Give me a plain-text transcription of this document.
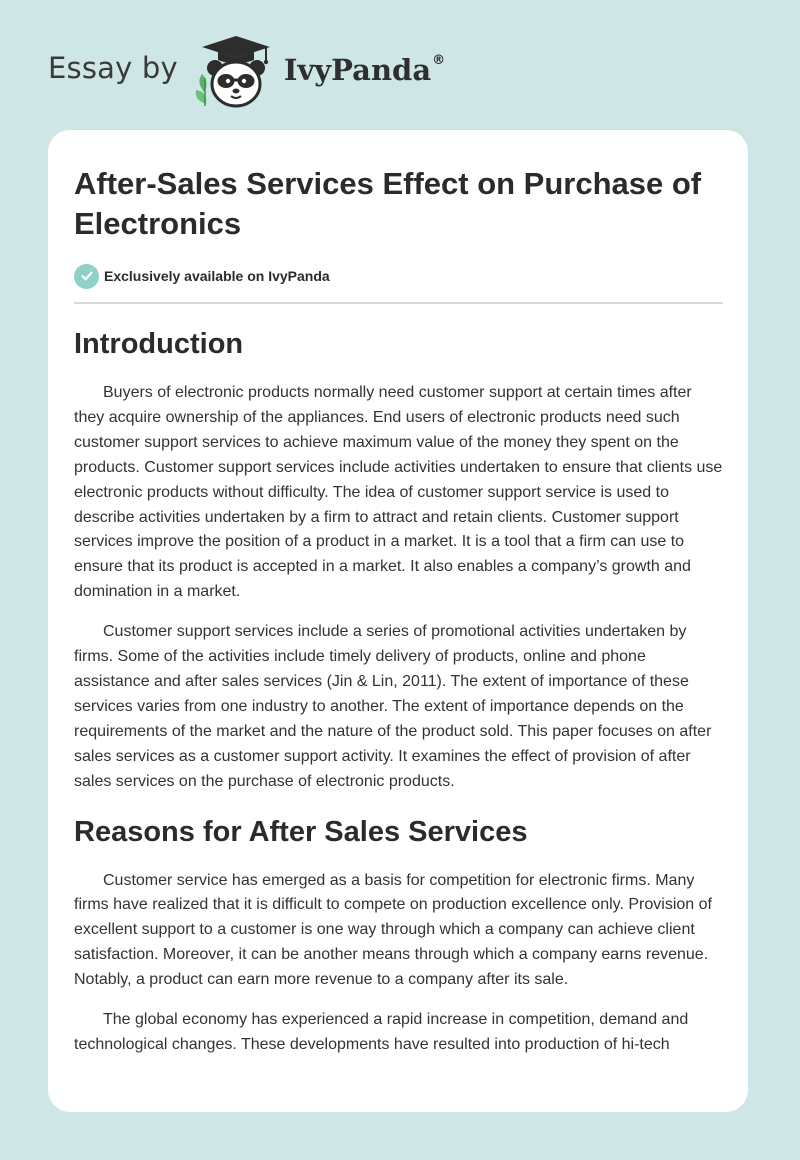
Essay by	IvyPanda ®
After-Sales Services Effect on Purchase of Electronics
Exclusively available on IvyPanda
Introduction

Buyers of electronic products normally need customer support at certain times after they acquire ownership of the appliances. End users of electronic products need such customer support services to achieve maximum value of the money they spent on the products. Customer support services include activities undertaken to ensure that clients use electronic products without difficulty. The idea of customer support service is used to describe activities undertaken by a firm to attract and retain clients. Customer support services improve the position of a product in a market. It is a tool that a firm can use to ensure that its product is accepted in a market. It also enables a company’s growth and domination in a market.

Customer support services include a series of promotional activities undertaken by firms. Some of the activities include timely delivery of products, online and phone assistance and after sales services (Jin & Lin, 2011). The extent of importance of these services varies from one industry to another. The extent of importance depends on the requirements of the market and the nature of the product sold. This paper focuses on after sales services as a customer support activity. It examines the effect of provision of after sales services on the purchase of electronic products.

Reasons for After Sales Services

Customer service has emerged as a basis for competition for electronic firms. Many firms have realized that it is difficult to compete on production excellence only. Provision of excellent support to a customer is one way through which a company can achieve client satisfaction. Moreover, it can be another means through which a company earns revenue. Notably, a product can earn more revenue to a company after its sale.

The global economy has experienced a rapid increase in competition, demand and technological changes. These developments have resulted into production of hi-tech
